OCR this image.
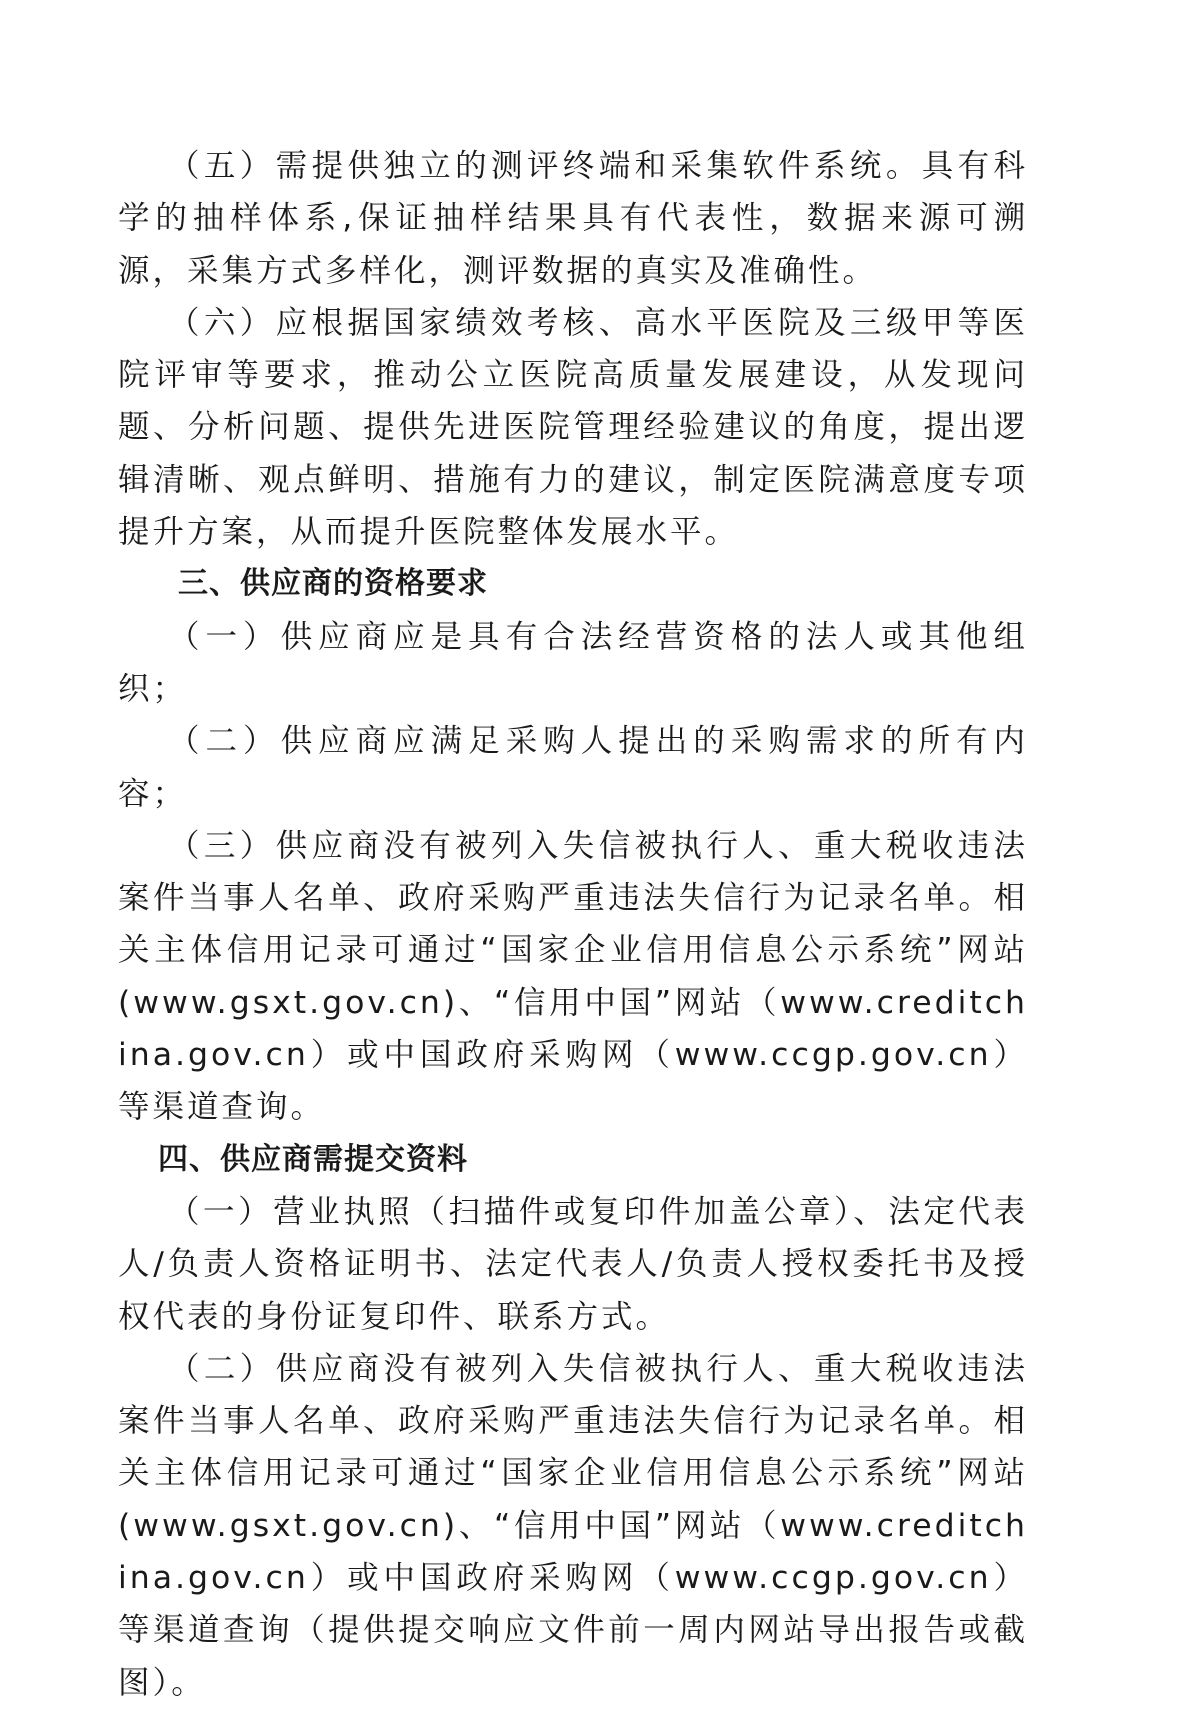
（五）需提供独立的测评终端和采集软件系统。具有科学的抽样体系,保证抽样结果具有代表性，数据来源可溯源，采集方式多样化，测评数据的真实及准确性。

（六）应根据国家绩效考核、高水平医院及三级甲等医院评审等要求，推动公立医院高质量发展建设，从发现问题、分析问题、提供先进医院管理经验建议的角度，提出逻辑清晰、观点鲜明、措施有力的建议，制定医院满意度专项提升方案，从而提升医院整体发展水平。

三、供应商的资格要求

（一）供应商应是具有合法经营资格的法人或其他组织；

（二）供应商应满足采购人提出的采购需求的所有内容；

（三）供应商没有被列入失信被执行人、重大税收违法案件当事人名单、政府采购严重违法失信行为记录名单。相关主体信用记录可通过“国家企业信用信息公示系统”网站(www.gsxt.gov.cn)、“信用中国”网站（www.creditchina.gov.cn）或中国政府采购网（www.ccgp.gov.cn）等渠道查询。

四、供应商需提交资料

（一）营业执照（扫描件或复印件加盖公章）、法定代表人/负责人资格证明书、法定代表人/负责人授权委托书及授权代表的身份证复印件、联系方式。

（二）供应商没有被列入失信被执行人、重大税收违法案件当事人名单、政府采购严重违法失信行为记录名单。相关主体信用记录可通过“国家企业信用信息公示系统”网站(www.gsxt.gov.cn)、“信用中国”网站（www.creditchina.gov.cn）或中国政府采购网（www.ccgp.gov.cn）等渠道查询（提供提交响应文件前一周内网站导出报告或截图）。
